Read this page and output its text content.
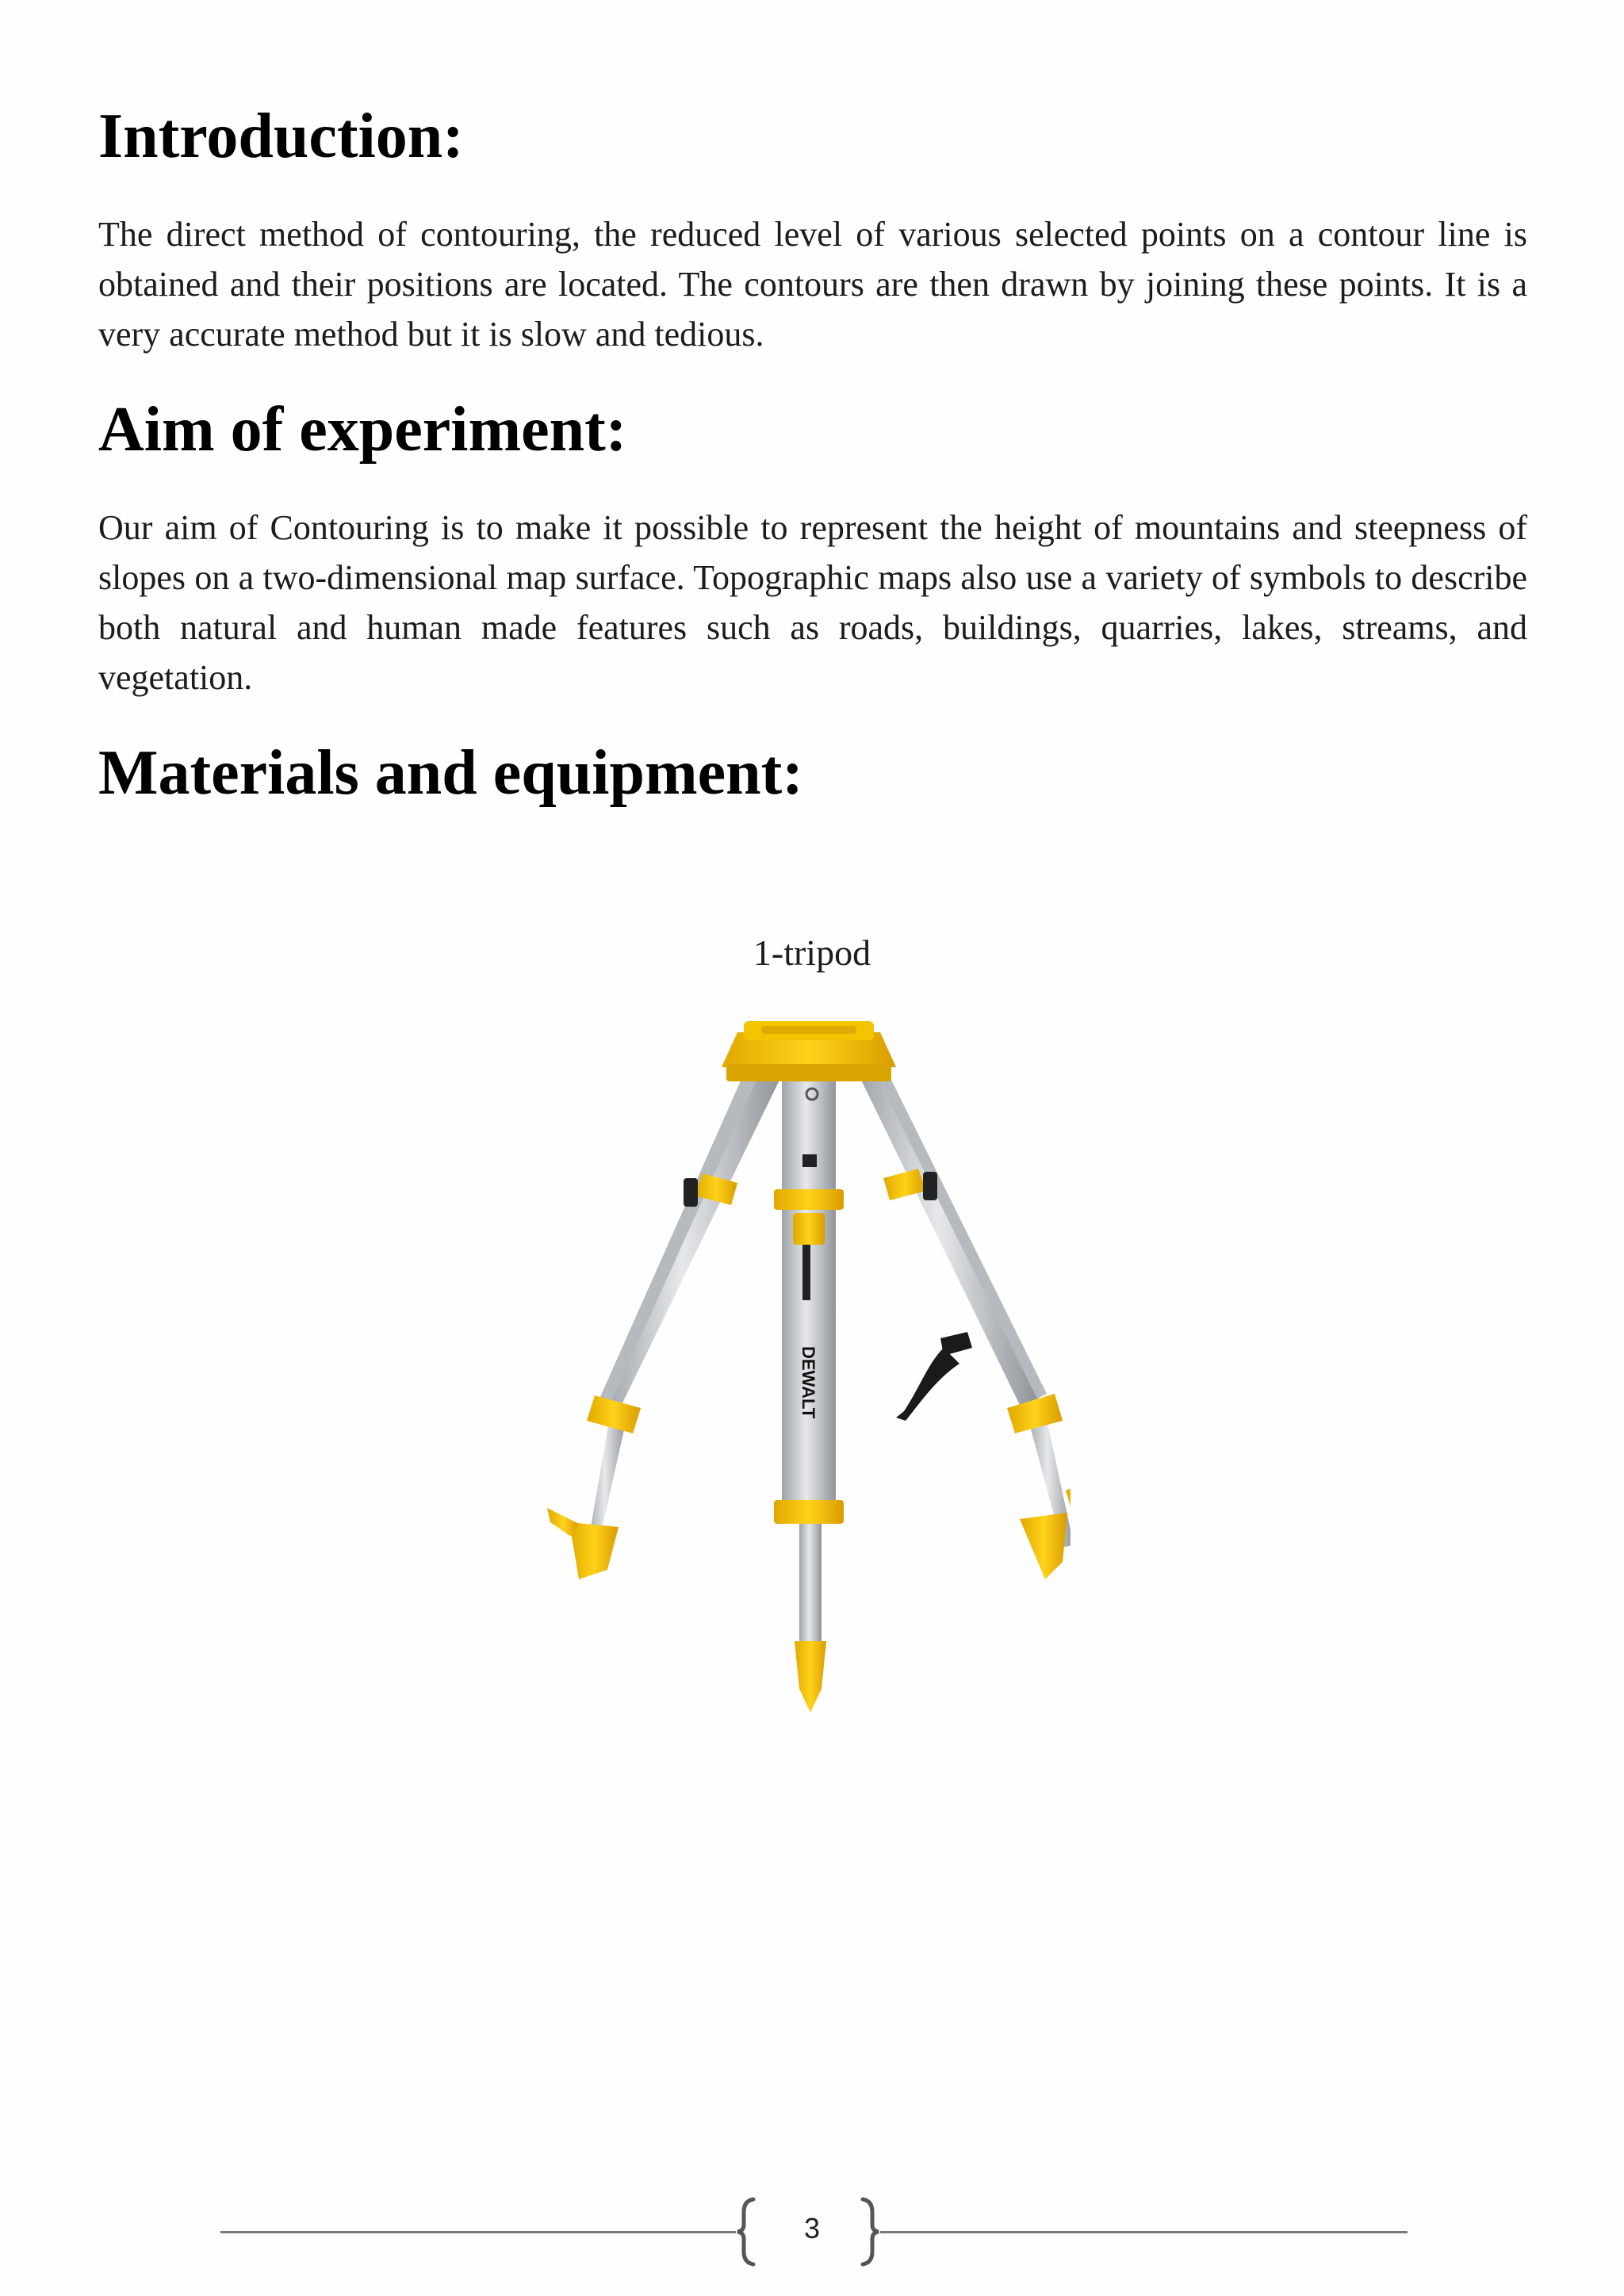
Introduction:

The direct method of contouring, the reduced level of various selected points on a contour line is obtained and their positions are located. The contours are then drawn by joining these points. It is a very accurate method but it is slow and tedious.

Aim of experiment:

Our aim of Contouring is to make it possible to represent the height of mountains and steepness of slopes on a two-dimensional map surface. Topographic maps also use a variety of symbols to describe both natural and human made features such as roads, buildings, quarries, lakes, streams, and vegetation.

Materials and equipment:
1-tripod
DEWALT
3
